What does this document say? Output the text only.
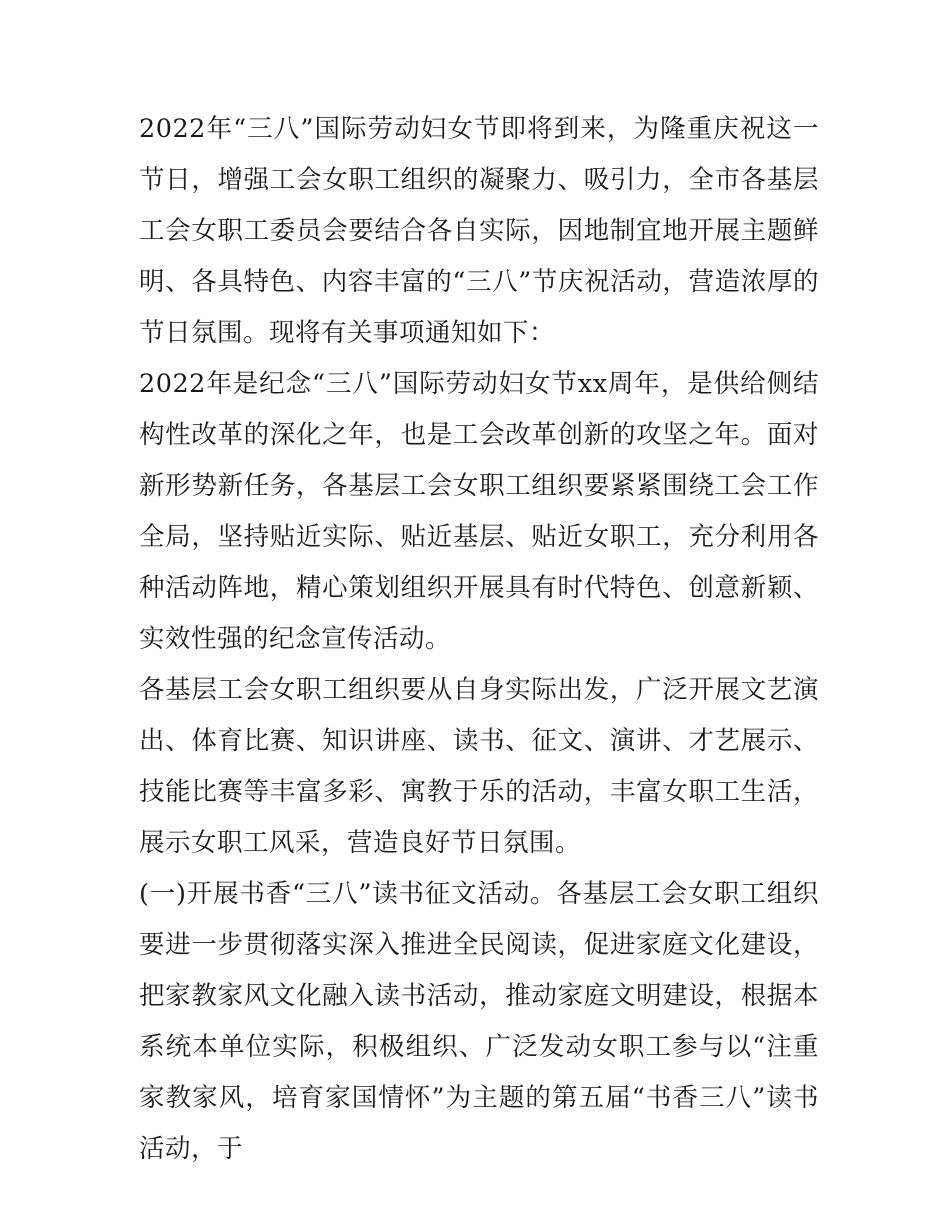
2022年“三八”国际劳动妇女节即将到来，为隆重庆祝这一节日，增强工会女职工组织的凝聚力、吸引力，全市各基层工会女职工委员会要结合各自实际，因地制宜地开展主题鲜明、各具特色、内容丰富的“三八”节庆祝活动，营造浓厚的节日氛围。现将有关事项通知如下：

2022年是纪念“三八”国际劳动妇女节xx周年，是供给侧结构性改革的深化之年，也是工会改革创新的攻坚之年。面对新形势新任务，各基层工会女职工组织要紧紧围绕工会工作全局，坚持贴近实际、贴近基层、贴近女职工，充分利用各种活动阵地，精心策划组织开展具有时代特色、创意新颖、实效性强的纪念宣传活动。

各基层工会女职工组织要从自身实际出发，广泛开展文艺演出、体育比赛、知识讲座、读书、征文、演讲、才艺展示、技能比赛等丰富多彩、寓教于乐的活动，丰富女职工生活，展示女职工风采，营造良好节日氛围。

(一)开展书香“三八”读书征文活动。各基层工会女职工组织要进一步贯彻落实深入推进全民阅读，促进家庭文化建设，把家教家风文化融入读书活动，推动家庭文明建设，根据本系统本单位实际，积极组织、广泛发动女职工参与以“注重家教家风，培育家国情怀”为主题的第五届“书香三八”读书活动，于
